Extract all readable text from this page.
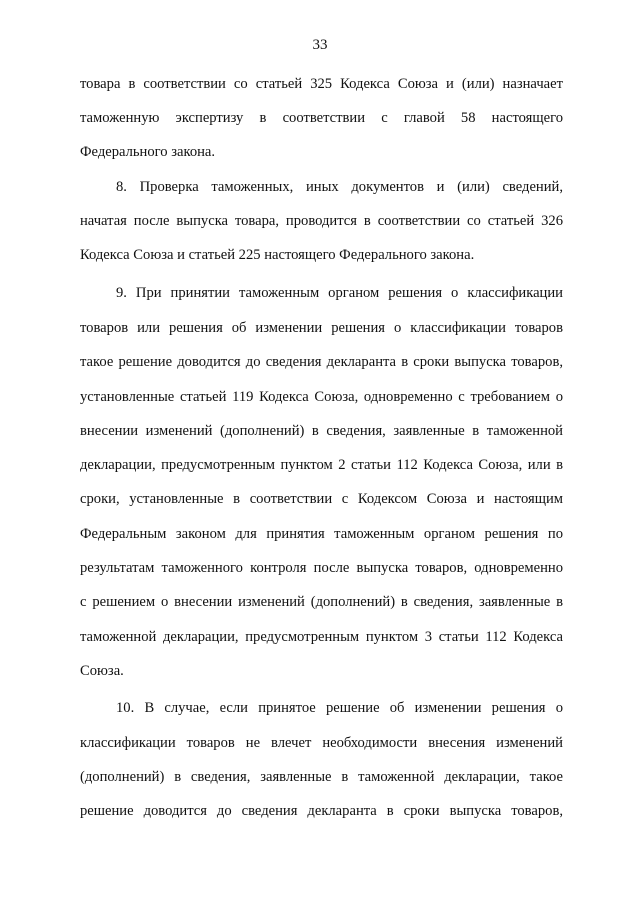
33
товара в соответствии со статьей 325 Кодекса Союза и (или) назначает
таможенную экспертизу в соответствии с главой 58 настоящего
Федерального закона.
8. Проверка таможенных, иных документов и (или) сведений,
начатая после выпуска товара, проводится в соответствии со статьей 326
Кодекса Союза и статьей 225 настоящего Федерального закона.
9. При принятии таможенным органом решения о классификации
товаров или решения об изменении решения о классификации товаров
такое решение доводится до сведения декларанта в сроки выпуска товаров,
установленные статьей 119 Кодекса Союза, одновременно с требованием о
внесении изменений (дополнений) в сведения, заявленные в таможенной
декларации, предусмотренным пунктом 2 статьи 112 Кодекса Союза, или в
сроки, установленные в соответствии с Кодексом Союза и настоящим
Федеральным законом для принятия таможенным органом решения по
результатам таможенного контроля после выпуска товаров, одновременно
с решением о внесении изменений (дополнений) в сведения, заявленные в
таможенной декларации, предусмотренным пунктом 3 статьи 112 Кодекса
Союза.
10. В случае, если принятое решение об изменении решения о
классификации товаров не влечет необходимости внесения изменений
(дополнений) в сведения, заявленные в таможенной декларации, такое
решение доводится до сведения декларанта в сроки выпуска товаров,
